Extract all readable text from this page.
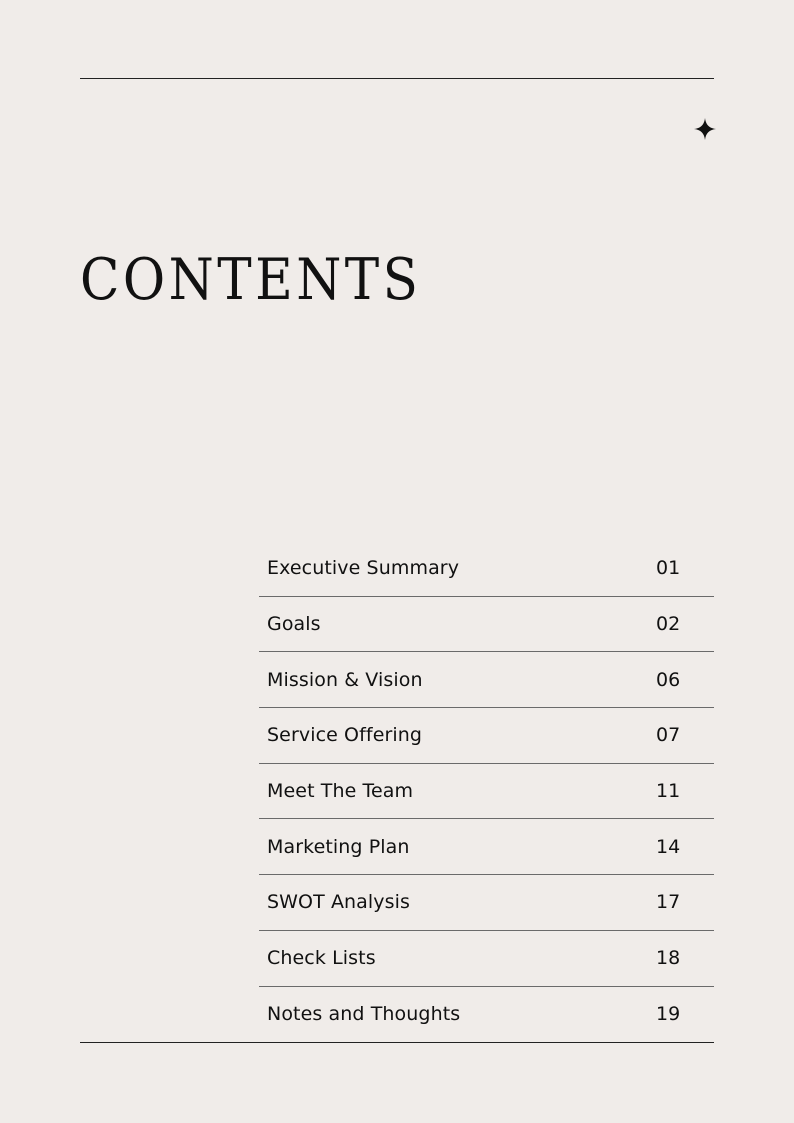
CONTENTS
Executive Summary	01
Goals	02
Mission & Vision	06
Service Offering	07
Meet The Team	11
Marketing Plan	14
SWOT Analysis	17
Check Lists	18
Notes and Thoughts	19
